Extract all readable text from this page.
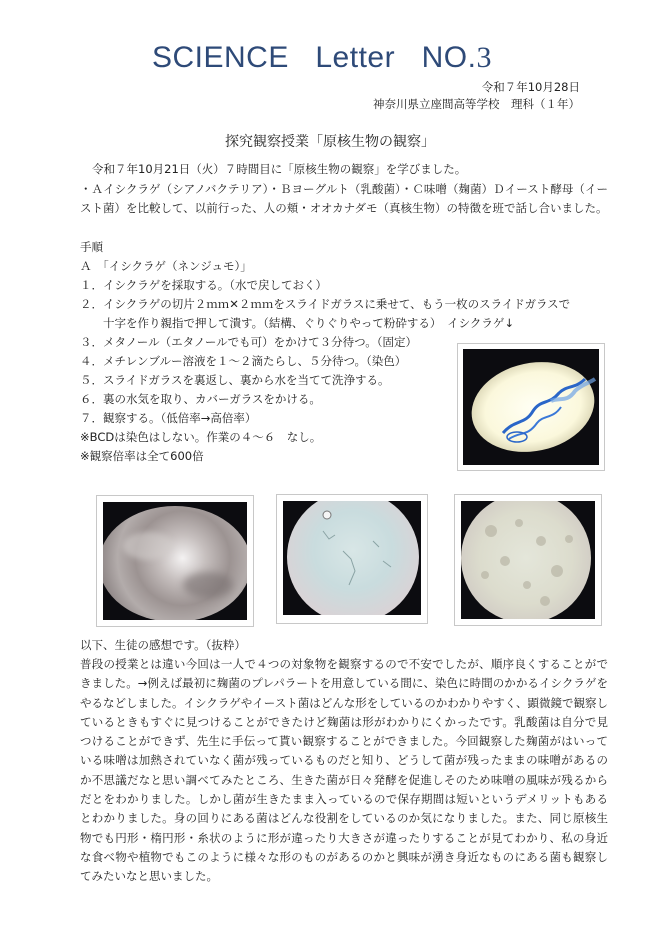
SCIENCE Letter NO.3
令和７年10月28日
神奈川県立座間高等学校　理科（１年）
探究観察授業「原核生物の観察」
令和７年10月21日（火）７時間目に「原核生物の観察」を学びました。
・Ａイシクラゲ（シアノバクテリア）・Ｂヨーグルト（乳酸菌）・Ｃ味噌（麹菌）Ｄイースト酵母（イースト菌）を比較して、以前行った、人の頬・オオカナダモ（真核生物）の特徴を班で話し合いました。
手順
Ａ　「イシクラゲ（ネンジュモ）」
１．イシクラゲを採取する。（水で戻しておく）
２．イシクラゲの切片２ｍｍ✕２ｍｍをスライドガラスに乗せて、もう一枚のスライドガラスで
　　十字を作り親指で押して潰す。（結構、ぐりぐりやって粉砕する）　イシクラゲ↓
３．メタノール（エタノールでも可）をかけて３分待つ。（固定）
４．メチレンブルー溶液を１～２滴たらし、５分待つ。（染色）
５．スライドガラスを裏返し、裏から水を当てて洗浄する。
６．裏の水気を取り、カバーガラスをかける。
７．観察する。（低倍率→高倍率）
※BCDは染色はしない。作業の４～６　なし。
※観察倍率は全て600倍
以下、生徒の感想です。（抜粋）
普段の授業とは違い今回は一人で４つの対象物を観察するので不安でしたが、順序良くすることができました。→例えば最初に麹菌のプレパラートを用意している間に、染色に時間のかかるイシクラゲをやるなどしました。イシクラゲやイースト菌はどんな形をしているのかわかりやすく、顕微鏡で観察しているときもすぐに見つけることができたけど麹菌は形がわかりにくかったです。乳酸菌は自分で見つけることができず、先生に手伝って貰い観察することができました。今回観察した麹菌がはいっている味噌は加熱されていなく菌が残っているものだと知り、どうして菌が残ったままの味噌があるのか不思議だなと思い調べてみたところ、生きた菌が日々発酵を促進しそのため味噌の風味が残るからだとをわかりました。しかし菌が生きたまま入っているので保存期間は短いというデメリットもあるとわかりました。身の回りにある菌はどんな役割をしているのか気になりました。また、同じ原核生物でも円形・楕円形・糸状のように形が違ったり大きさが違ったりすることが見てわかり、私の身近な食べ物や植物でもこのように様々な形のものがあるのかと興味が湧き身近なものにある菌も観察してみたいなと思いました。
